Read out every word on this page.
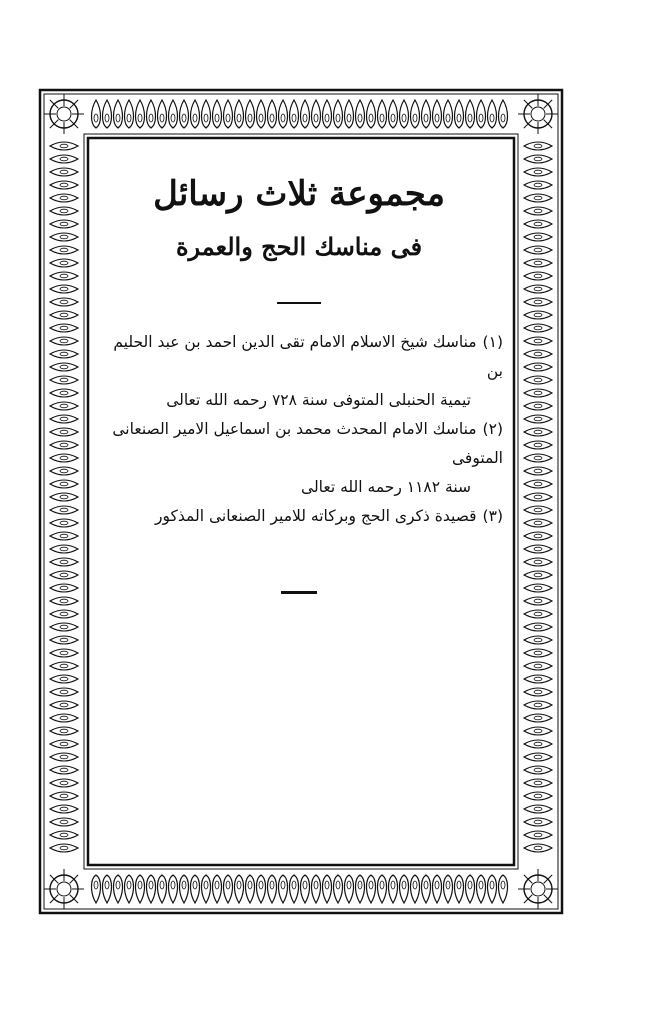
مجموعة ثلاث رسائل
فى مناسك الحج والعمرة
(١)مناسك شيخ الاسلام الامام تقى الدين احمد بن عبد الحليم بن
تيمية الحنبلى المتوفى سنة ٧٢٨ رحمه الله تعالى
(٢)مناسك الامام المحدث محمد بن اسماعيل الامير الصنعانى المتوفى
سنة ١١٨٢ رحمه الله تعالى
(٣)قصيدة ذكرى الحج وبركاته للامير الصنعانى المذكور
